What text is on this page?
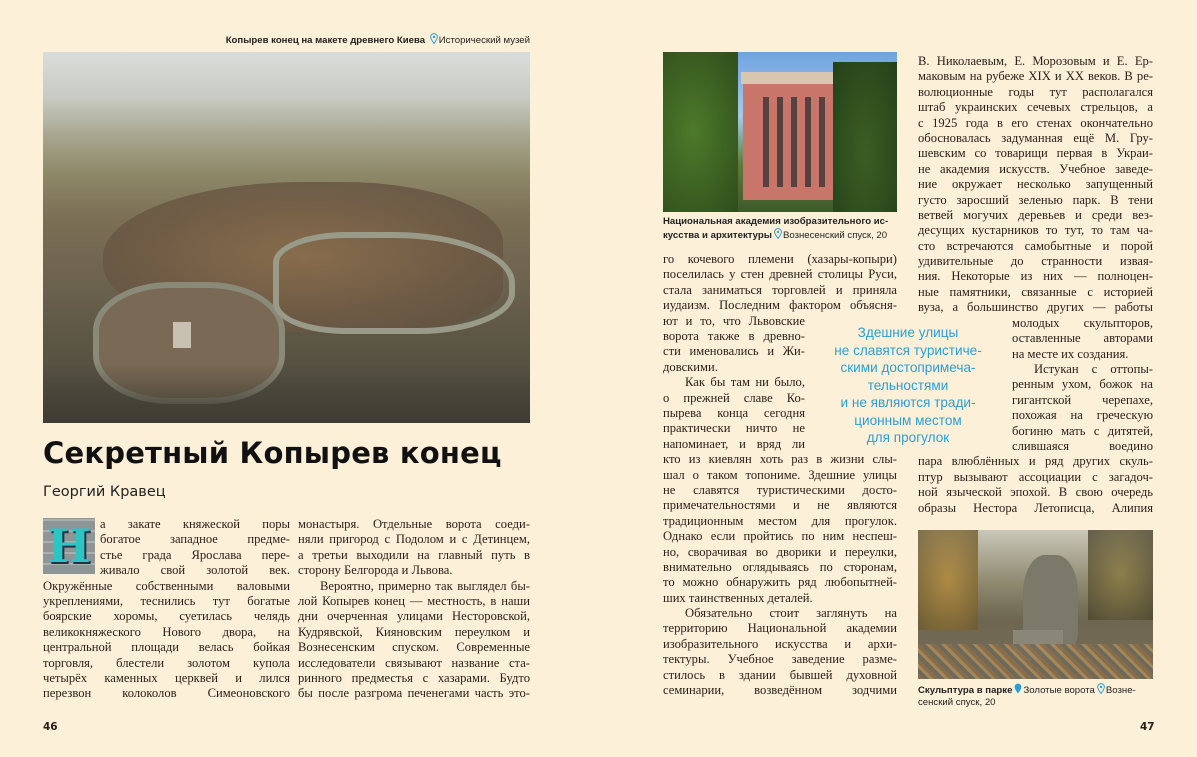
Копырев конец на макете древнего Киева Исторический музей
Секретный Копырев конец
Георгий Кравец
Н а закате княжеской поры
богатое западное предме-
стье града Ярослава пере-
живало свой золотой век.
Окружённые собственными валовыми
укреплениями, теснились тут богатые
боярские хоромы, суетилась челядь
великокняжеского Нового двора, на
центральной площади велась бойкая
торговля, блестели золотом купола
четырёх каменных церквей и лился
перезвон колоколов Симеоновского
монастыря. Отдельные ворота соеди-
няли пригород с Подолом и с Детинцем,
а третьи выходили на главный путь в
сторону Белгорода и Львова.
Вероятно, примерно так выглядел бы-
лой Копырев конец — местность, в наши
дни очерченная улицами Несторовской,
Кудрявской, Кияновским переулком и
Вознесенским спуском. Современные
исследователи связывают название ста-
ринного предместья с хазарами. Будто
бы после разгрома печенегами часть это-
го кочевого племени (хазары-копыри)
поселилась у стен древней столицы Руси,
стала заниматься торговлей и приняла
иудаизм. Последним фактором объясня-
ют и то, что Львовские
ворота также в древно-
сти именовались и Жи-
довскими.
Как бы там ни было,
о прежней славе Ко-
пырева конца сегодня
практически ничто не
напоминает, и вряд ли
кто из киевлян хоть раз в жизни слы-
шал о таком топониме. Здешние улицы
не славятся туристическими досто-
примечательностями и не являются
традиционным местом для прогулок.
Однако если пройтись по ним неспеш-
но, сворачивая во дворики и переулки,
внимательно оглядываясь по сторонам,
то можно обнаружить ряд любопытней-
ших таинственных деталей.
Обязательно стоит заглянуть на
территорию Национальной академии
изобразительного искусства и архи-
тектуры. Учебное заведение разме-
стилось в здании бывшей духовной
семинарии, возведённом зодчими
В. Николаевым, Е. Морозовым и Е. Ер-
маковым на рубеже XIX и XX веков. В ре-
волюционные годы тут располагался
штаб украинских сечевых стрельцов, а
с 1925 года в его стенах окончательно
обосновалась задуманная ещё М. Гру-
шевским со товарищи первая в Украи-
не академия искусств. Учебное заведе-
ние окружает несколько запущенный
густо заросший зеленью парк. В тени
ветвей могучих деревьев и среди вез-
десущих кустарников то тут, то там ча-
сто встречаются самобытные и порой
удивительные до странности извая-
ния. Некоторые из них — полноцен-
ные памятники, связанные с историей
вуза, а большинство других — работы
молодых скульпторов,
оставленные авторами
на месте их создания.
Истукан с оттопы-
ренным ухом, божок на
гигантской черепахе,
похожая на греческую
богиню мать с дитятей,
слившаяся воедино
пара влюблённых и ряд других скуль-
птур вызывают ассоциации с загадоч-
ной языческой эпохой. В свою очередь
образы Нестора Летописца, Алипия
Здешние улицы
не славятся туристиче-
скими достопримеча-
тельностями
и не являются тради-
ционным местом
для прогулок
Национальная академия изобразительного ис-
кусства и архитектуры Вознесенский спуск, 20
Скульптура в парке Золотые ворота Возне-
сенский спуск, 20
46	47
